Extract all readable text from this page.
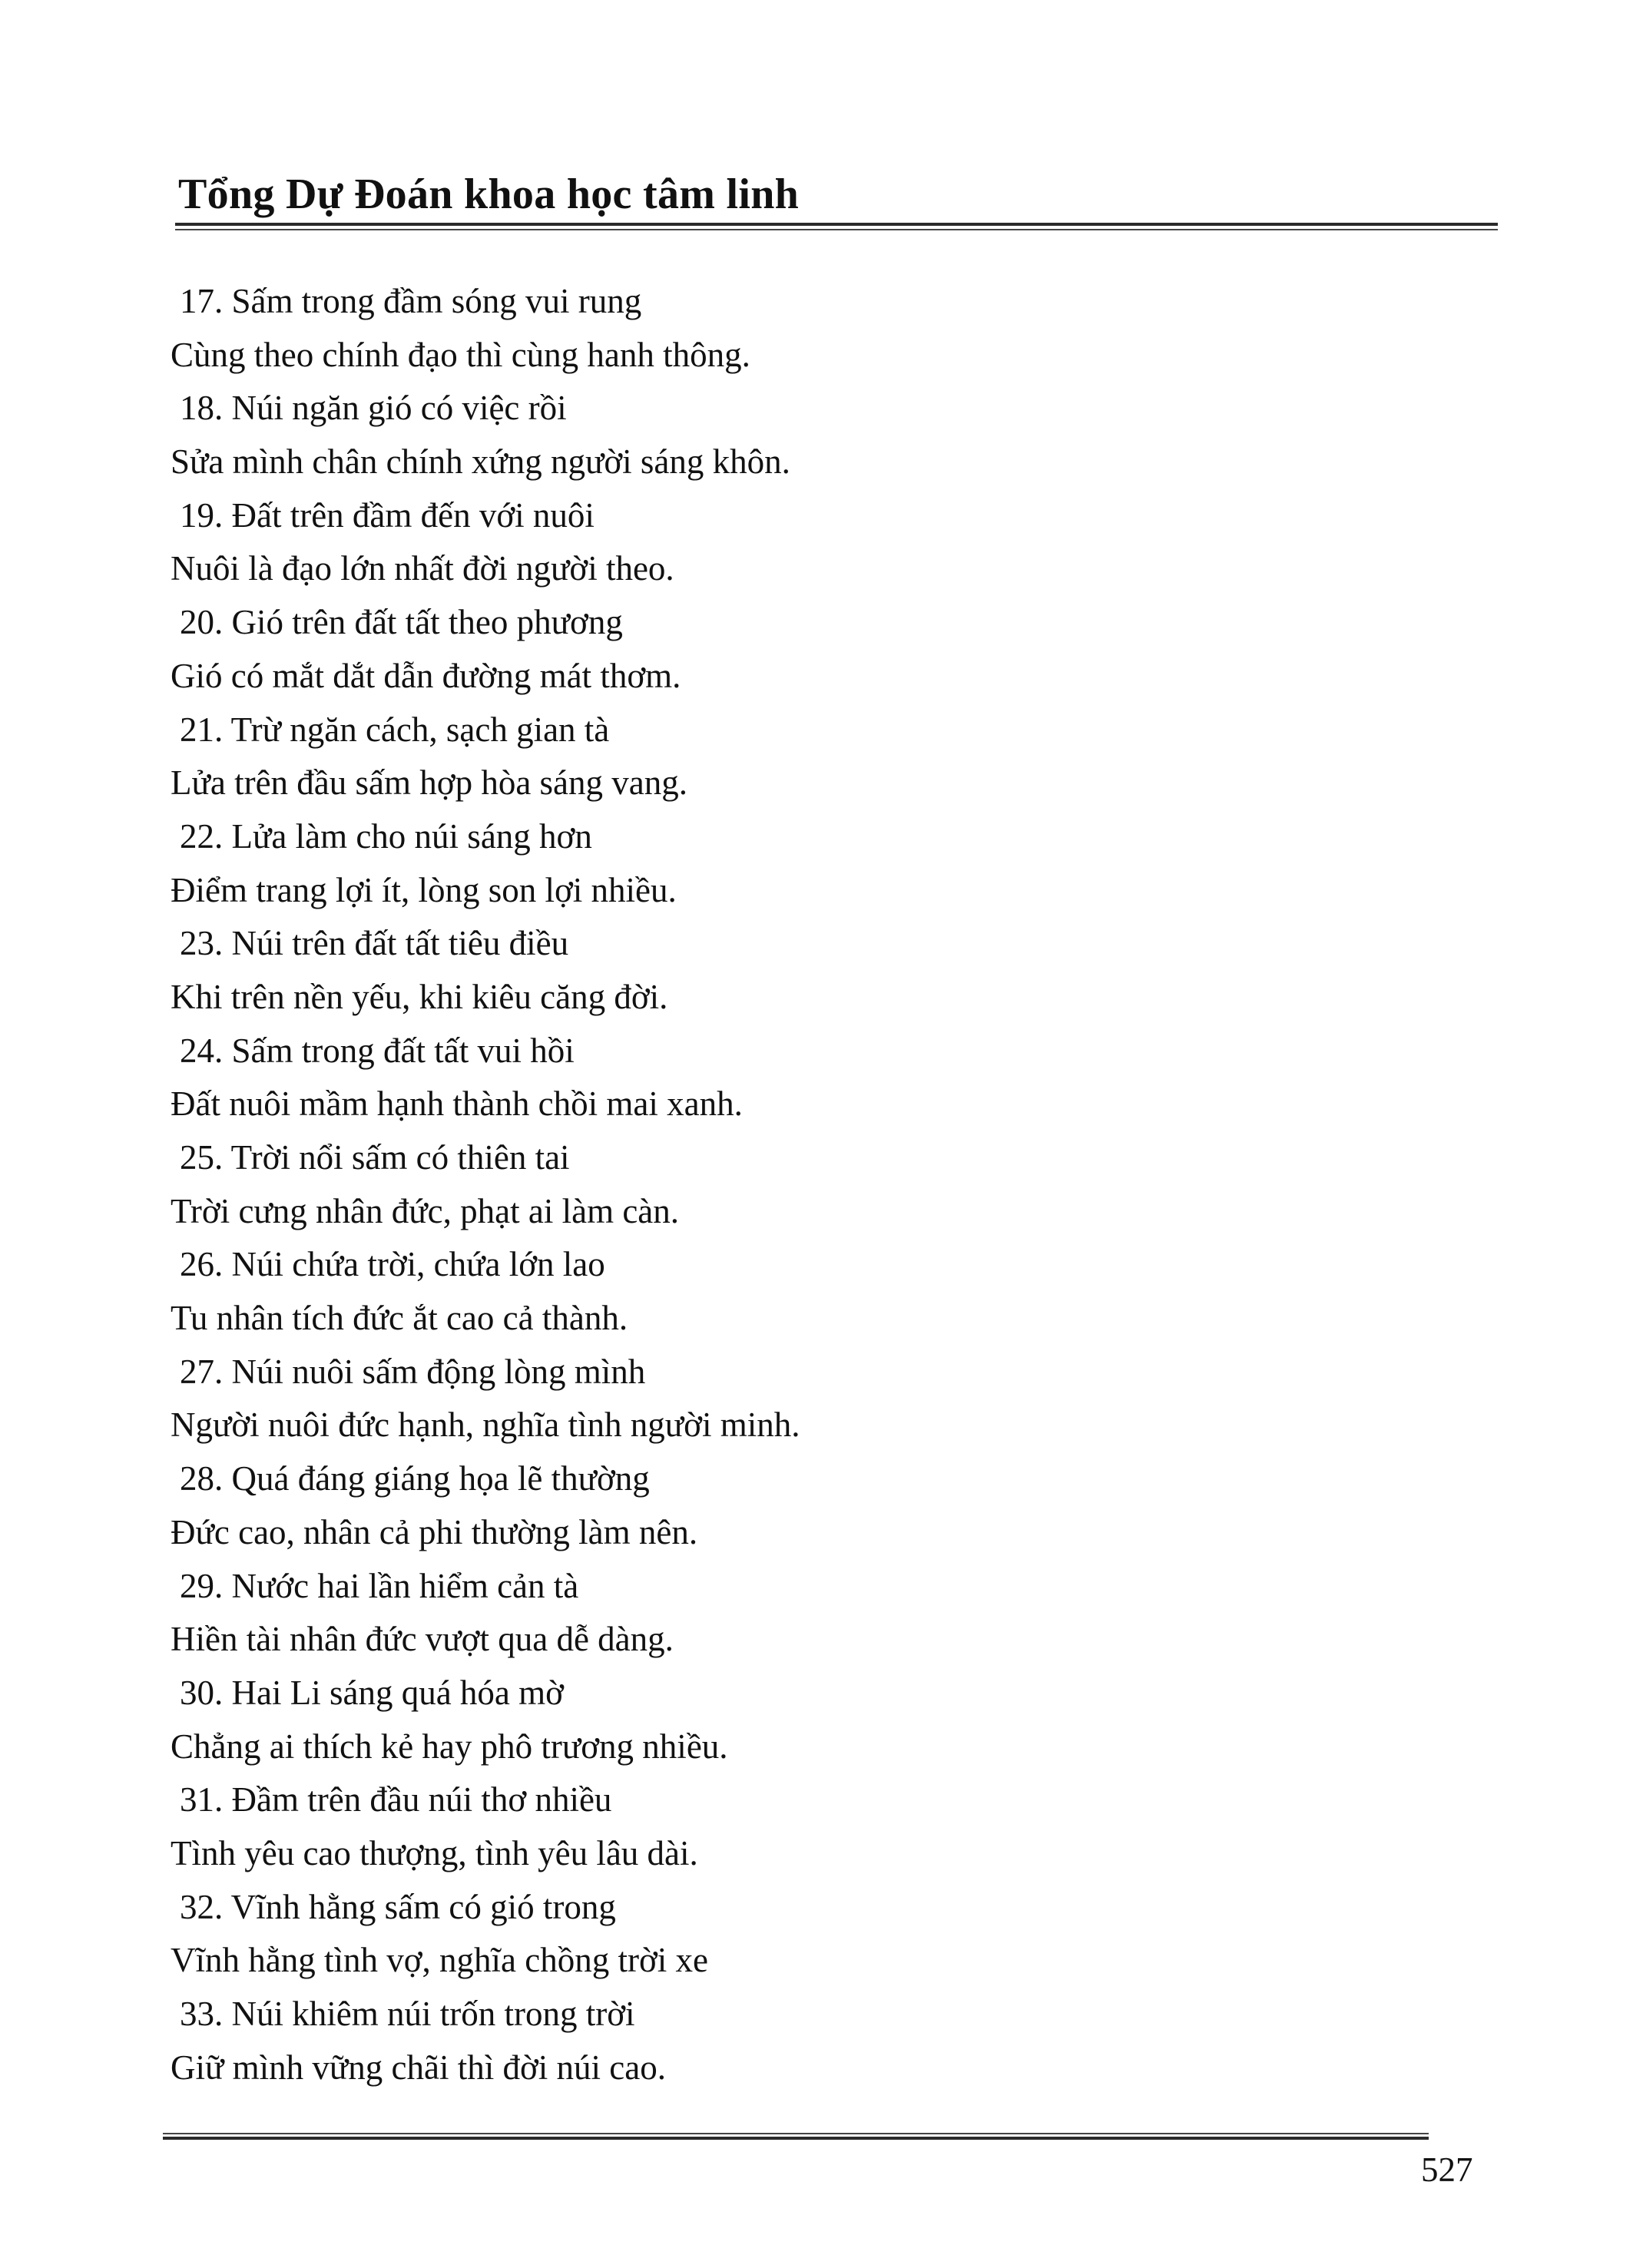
Tổng Dự Đoán khoa học tâm linh
17. Sấm trong đầm sóng vui rung
Cùng theo chính đạo thì cùng hanh thông.
18. Núi ngăn gió có việc rồi
Sửa mình chân chính xứng người sáng khôn.
19. Đất trên đầm đến với nuôi
Nuôi là đạo lớn nhất đời người theo.
20. Gió trên đất tất theo phương
Gió có mắt dắt dẫn đường mát thơm.
21. Trừ ngăn cách, sạch gian tà
Lửa trên đầu sấm hợp hòa sáng vang.
22. Lửa làm cho núi sáng hơn
Điểm trang lợi ít, lòng son lợi nhiều.
23. Núi trên đất tất tiêu điều
Khi trên nền yếu, khi kiêu căng đời.
24. Sấm trong đất tất vui hồi
Đất nuôi mầm hạnh thành chồi mai xanh.
25. Trời nổi sấm có thiên tai
Trời cưng nhân đức, phạt ai làm càn.
26. Núi chứa trời, chứa lớn lao
Tu nhân tích đức ắt cao cả thành.
27. Núi nuôi sấm động lòng mình
Người nuôi đức hạnh, nghĩa tình người minh.
28. Quá đáng giáng họa lẽ thường
Đức cao, nhân cả phi thường làm nên.
29. Nước hai lần hiểm cản tà
Hiền tài nhân đức vượt qua dễ dàng.
30. Hai Li sáng quá hóa mờ
Chẳng ai thích kẻ hay phô trương nhiều.
31. Đầm trên đầu núi thơ nhiều
Tình yêu cao thượng, tình yêu lâu dài.
32. Vĩnh hằng sấm có gió trong
Vĩnh hằng tình vợ, nghĩa chồng trời xe
33. Núi khiêm núi trốn trong trời
Giữ mình vững chãi thì đời núi cao.
527
